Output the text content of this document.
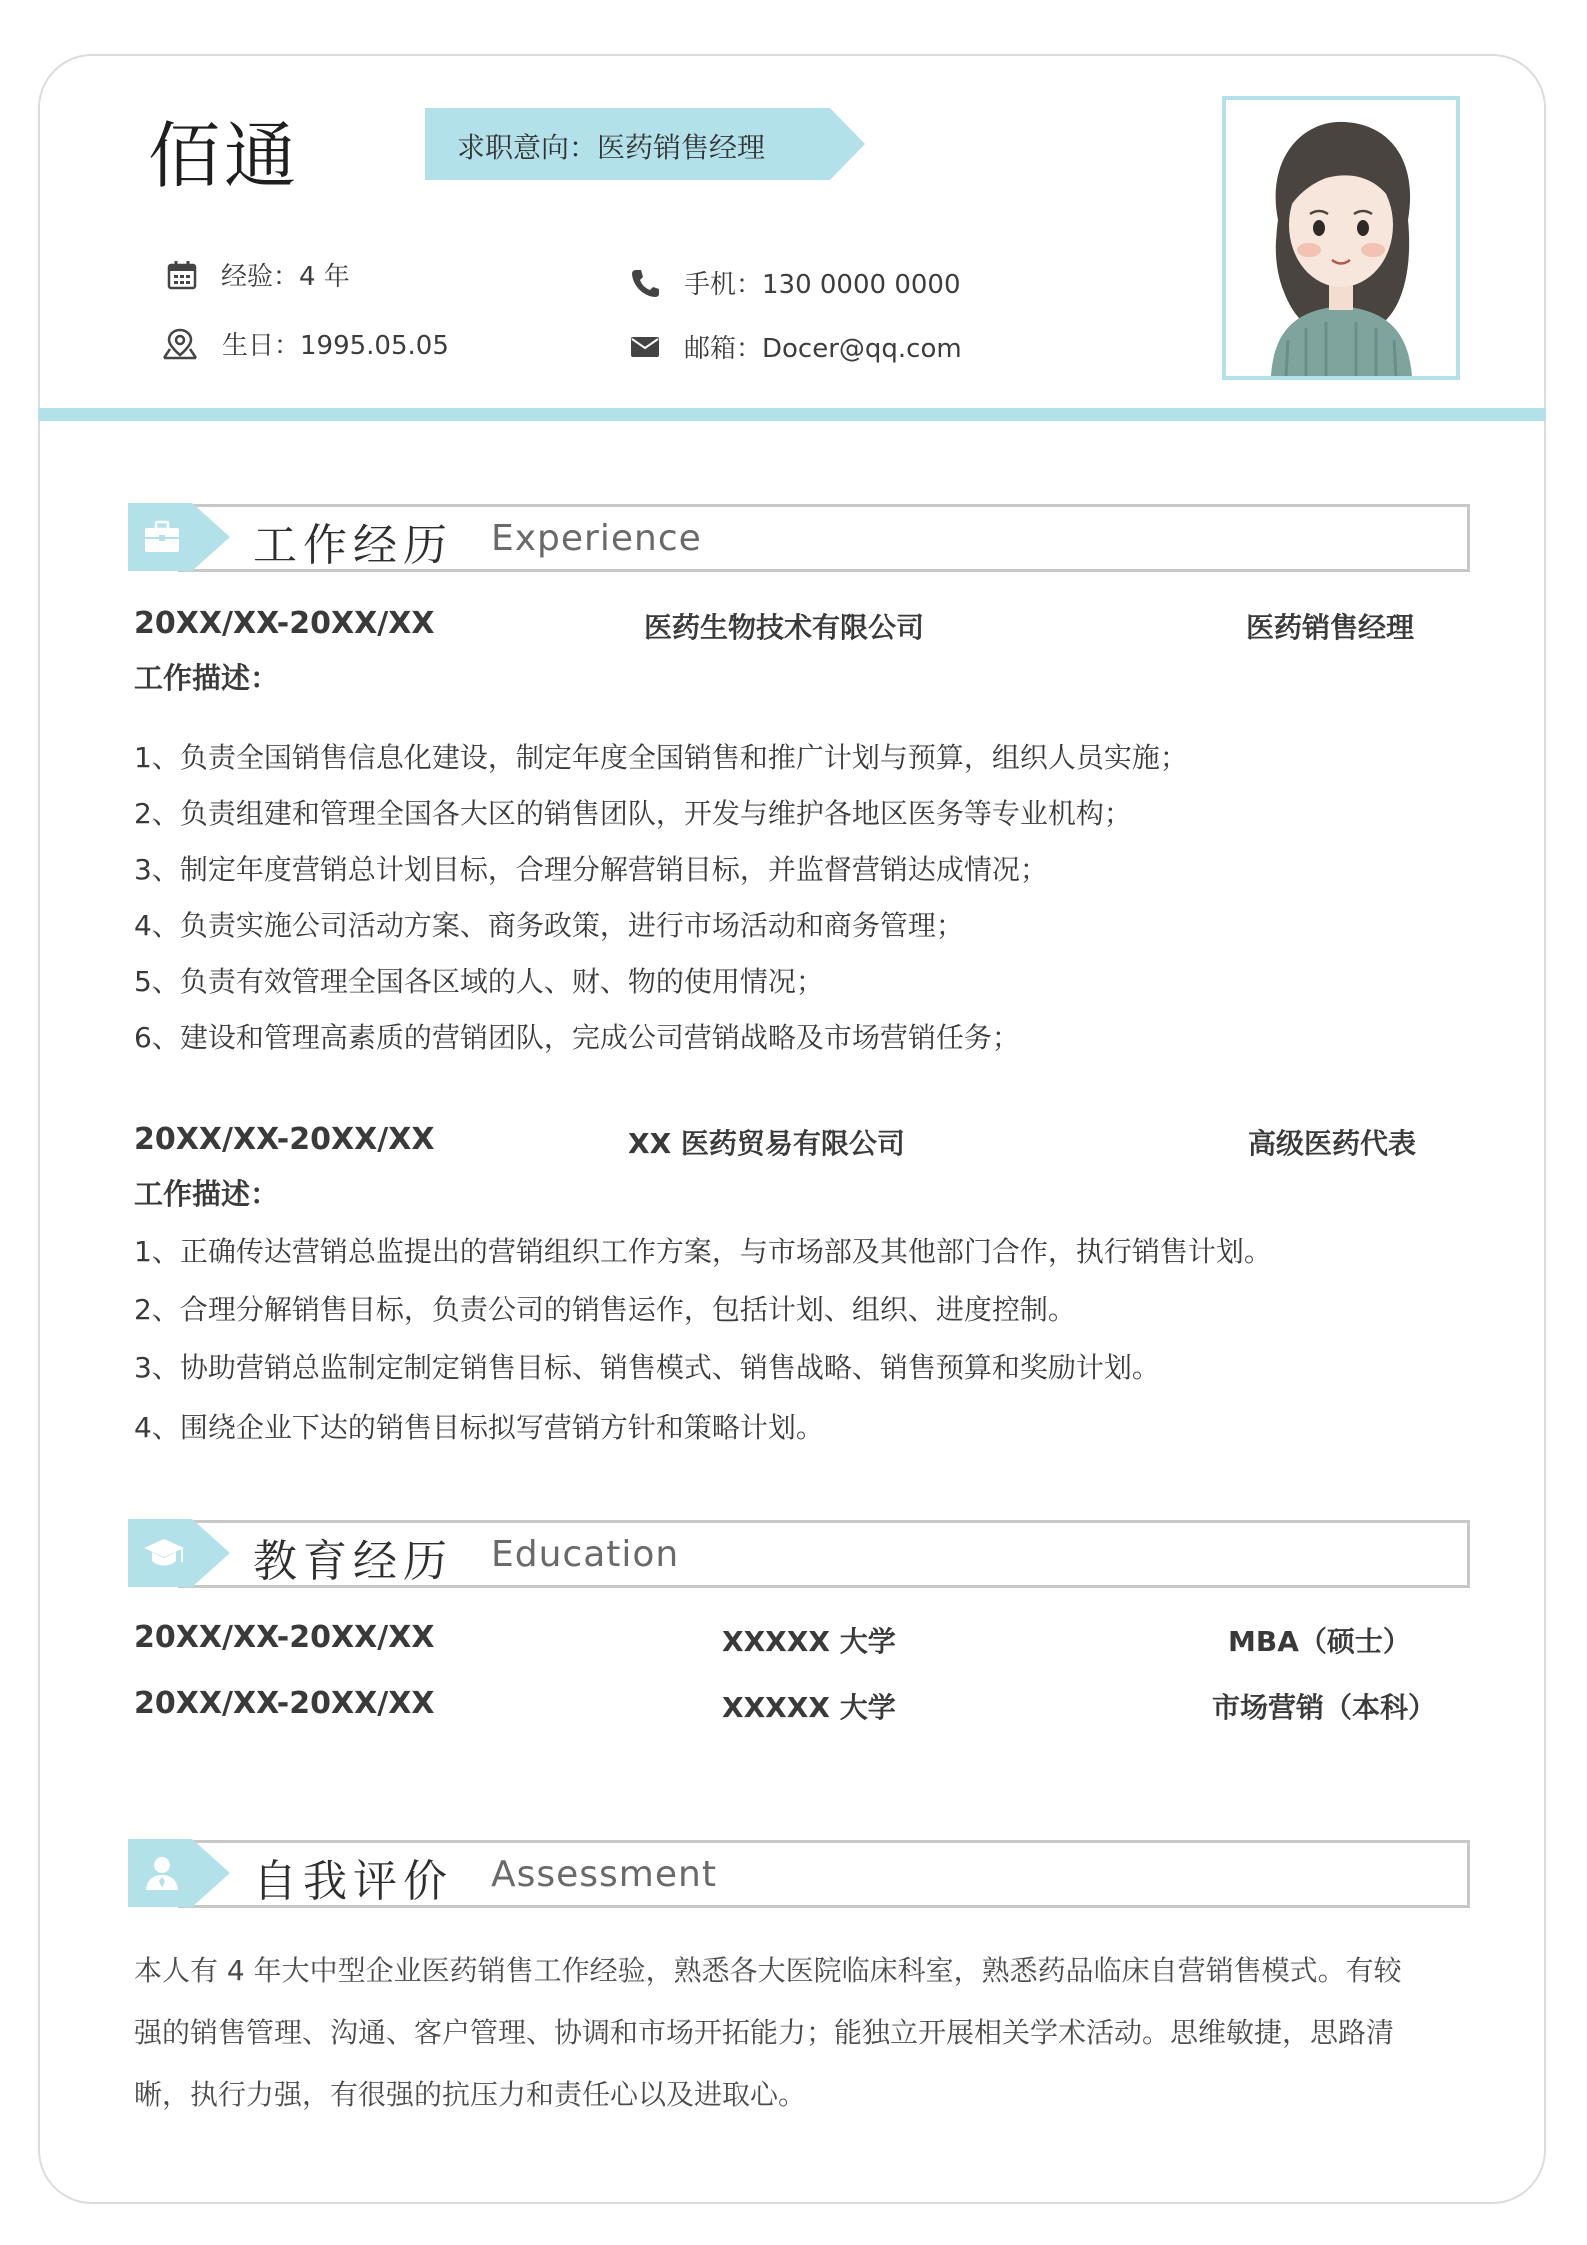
佰通	求职意向：医药销售经理
经验：4 年
生日：1995.05.05
手机：130 0000 0000
邮箱：Docer@qq.com
工作经历 Experience
20XX/XX-20XX/XX	医药生物技术有限公司	医药销售经理
工作描述：
1、负责全国销售信息化建设，制定年度全国销售和推广计划与预算，组织人员实施；
2、负责组建和管理全国各大区的销售团队，开发与维护各地区医务等专业机构；
3、制定年度营销总计划目标，合理分解营销目标，并监督营销达成情况；
4、负责实施公司活动方案、商务政策，进行市场活动和商务管理；
5、负责有效管理全国各区域的人、财、物的使用情况；
6、建设和管理高素质的营销团队，完成公司营销战略及市场营销任务；
20XX/XX-20XX/XX	XX 医药贸易有限公司	高级医药代表
工作描述：
1、正确传达营销总监提出的营销组织工作方案，与市场部及其他部门合作，执行销售计划。
2、合理分解销售目标，负责公司的销售运作，包括计划、组织、进度控制。
3、协助营销总监制定制定销售目标、销售模式、销售战略、销售预算和奖励计划。
4、围绕企业下达的销售目标拟写营销方针和策略计划。
教育经历 Education
20XX/XX-20XX/XX	XXXXX 大学	MBA（硕士）
20XX/XX-20XX/XX	XXXXX 大学	市场营销（本科）
自我评价 Assessment

本人有 4 年大中型企业医药销售工作经验，熟悉各大医院临床科室，熟悉药品临床自营销售模式。有较

强的销售管理、沟通、客户管理、协调和市场开拓能力；能独立开展相关学术活动。思维敏捷，思路清

晰，执行力强，有很强的抗压力和责任心以及进取心。
